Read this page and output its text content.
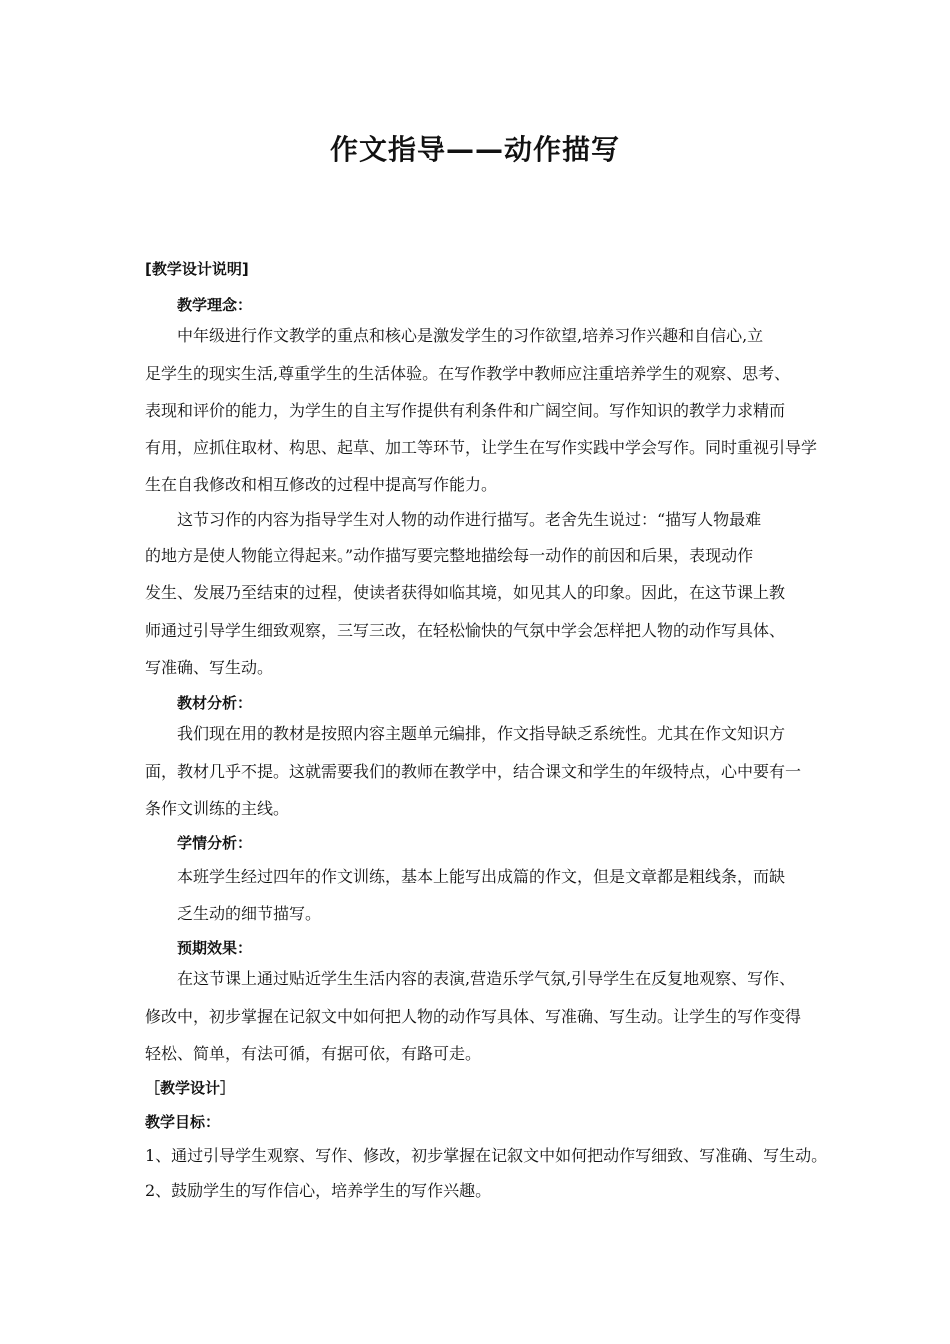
作文指导——动作描写
[教学设计说明]
教学理念：
中年级进行作文教学的重点和核心是激发学生的习作欲望,培养习作兴趣和自信心,立
足学生的现实生活,尊重学生的生活体验。在写作教学中教师应注重培养学生的观察、思考、
表现和评价的能力，为学生的自主写作提供有利条件和广阔空间。写作知识的教学力求精而
有用，应抓住取材、构思、起草、加工等环节，让学生在写作实践中学会写作。同时重视引导学
生在自我修改和相互修改的过程中提高写作能力。
这节习作的内容为指导学生对人物的动作进行描写。老舍先生说过：“描写人物最难
的地方是使人物能立得起来。”动作描写要完整地描绘每一动作的前因和后果，表现动作
发生、发展乃至结束的过程，使读者获得如临其境，如见其人的印象。因此，在这节课上教
师通过引导学生细致观察，三写三改，在轻松愉快的气氛中学会怎样把人物的动作写具体、
写准确、写生动。
教材分析：
我们现在用的教材是按照内容主题单元编排，作文指导缺乏系统性。尤其在作文知识方
面，教材几乎不提。这就需要我们的教师在教学中，结合课文和学生的年级特点，心中要有一
条作文训练的主线。
学情分析：
本班学生经过四年的作文训练，基本上能写出成篇的作文，但是文章都是粗线条，而缺
乏生动的细节描写。
预期效果：
在这节课上通过贴近学生生活内容的表演,营造乐学气氛,引导学生在反复地观察、写作、
修改中，初步掌握在记叙文中如何把人物的动作写具体、写准确、写生动。让学生的写作变得
轻松、简单，有法可循，有据可依，有路可走。
［教学设计］
教学目标：
1、通过引导学生观察、写作、修改，初步掌握在记叙文中如何把动作写细致、写准确、写生动。
2、鼓励学生的写作信心，培养学生的写作兴趣。
